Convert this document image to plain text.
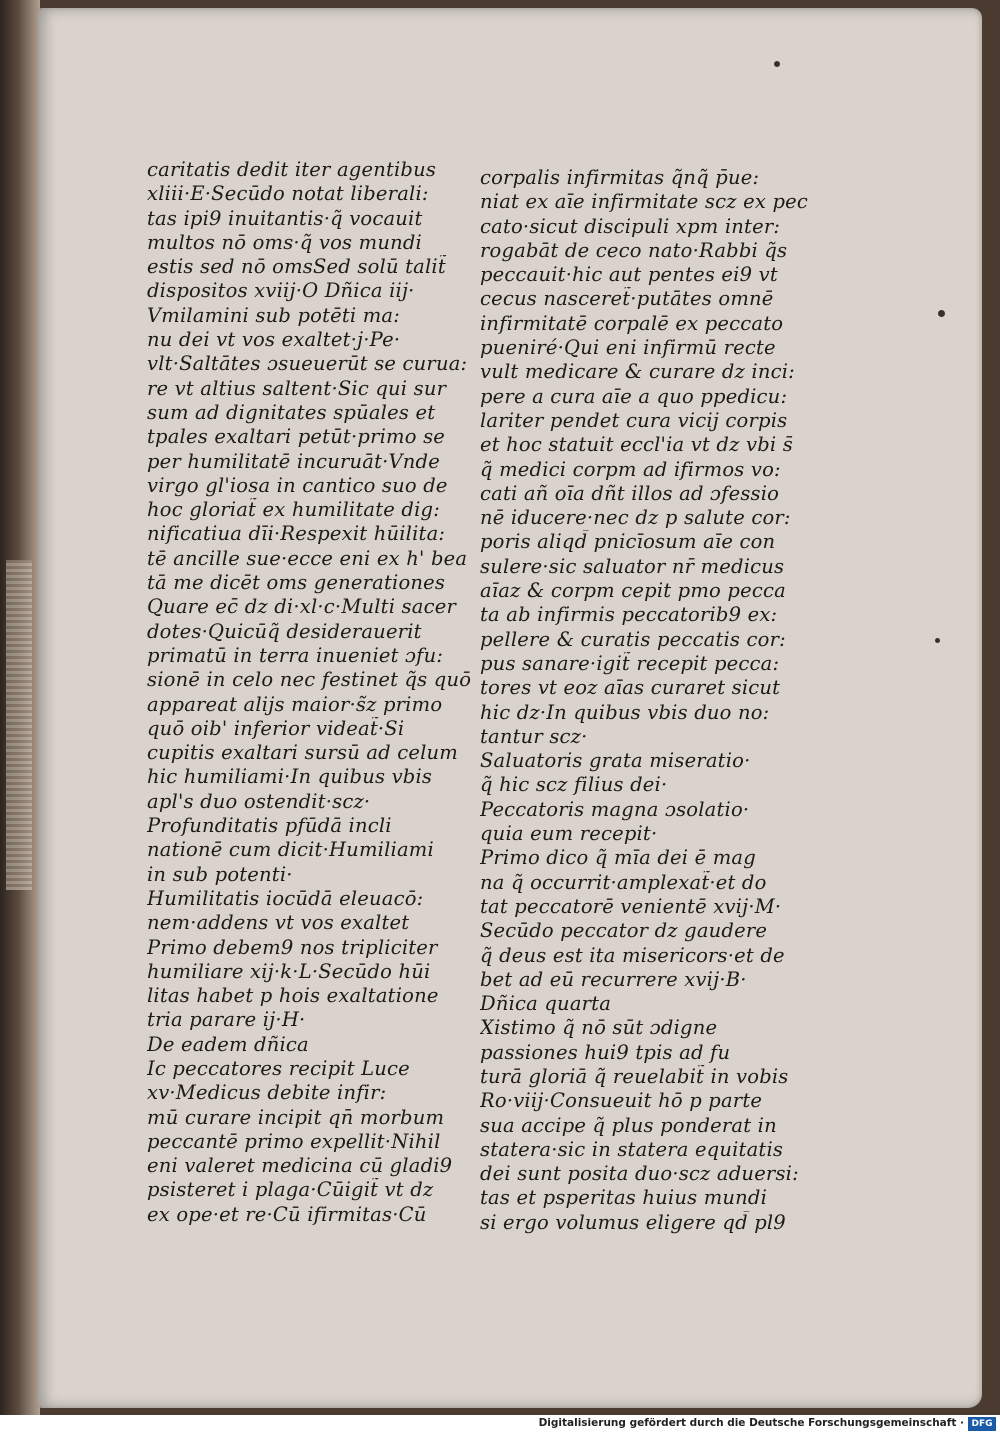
caritatis dedit iter agentibus
xliii·E·Secūdo notat liberali:
tas ipi9 inuitantis·q̃ vocauit
multos nō oms·q̃ vos mundi
estis sed nō omsSed solū talit̃
dispositos xviij·O Dñica iij·
Vmilamini sub potēti ma:
nu dei vt vos exaltet·j·Pe·
vlt·Saltātes ɔsueuerūt se curua:
re vt altius saltent·Sic qui sur
sum ad dignitates spūales et
tpales exaltari petūt·primo se
per humilitatē incuruāt·Vnde
virgo gl'iosa in cantico suo de
hoc gloriat̃ ex humilitate dig:
nificatiua dīi·Respexit hūilita:
tē ancille sue·ecce eni ex h' bea
tā me dicēt oms generationes
Quare ec̄ dz di·xl·c·Multi sacer
dotes·Quicūq̃ desiderauerit
primatū in terra inueniet ɔfu:
sionē in celo nec festinet q̃s quō
appareat alijs maior·s̃z primo
quō oib' inferior videat̃·Si
cupitis exaltari sursū ad celum
hic humiliami·In quibus vbis
apl's duo ostendit·scz·
Profunditatis pfūdā incli
nationē cum dicit·Humiliami
in sub potenti·
Humilitatis iocūdā eleuacō:
nem·addens vt vos exaltet
Primo debem9 nos tripliciter
humiliare xij·k·L·Secūdo hūi
litas habet p hois exaltatione
tria parare ij·H·
De eadem dñica
Ic peccatores recipit Luce
xv·Medicus debite infir:
mū curare incipit qn̄ morbum
peccantē primo expellit·Nihil
eni valeret medicina cū gladi9
psisteret i plaga·Cūigit̃ vt dz
ex ope·et re·Cū ifirmitas·Cū
corpalis infirmitas q̃nq̃ p̄ue:
niat ex aīe infirmitate scz ex pec
cato·sicut discipuli xpm inter:
rogabāt de ceco nato·Rabbi q̃s
peccauit·hic aut pentes ei9 vt
cecus nasceret̃·putātes omnē
infirmitatē corpalē ex peccato
pueniré·Qui eni infirmū recte
vult medicare & curare dz inci:
pere a cura aīe a quo ppedicu:
lariter pendet cura vicij corpis
et hoc statuit eccl'ia vt dz vbi s̄
q̃ medici corpm ad ifirmos vo:
cati añ oīa dñt illos ad ɔfessio
nē iducere·nec dz p salute cor:
poris aliqd̄ pnicīosum aīe con
sulere·sic saluator nr̄ medicus
aīaz & corpm cepit pmo pecca
ta ab infirmis peccatorib9 ex:
pellere & curatis peccatis cor:
pus sanare·igit̃ recepit pecca:
tores vt eoz aīas curaret sicut
hic dz·In quibus vbis duo no:
tantur scz·
Saluatoris grata miseratio·
q̃ hic scz filius dei·
Peccatoris magna ɔsolatio·
quia eum recepit·
Primo dico q̃ mīa dei ē mag
na q̃ occurrit·amplexat̃·et do
tat peccatorē venientē xvij·M·
Secūdo peccator dz gaudere
q̃ deus est ita misericors·et de
bet ad eū recurrere xvij·B·
Dñica quarta
Xistimo q̃ nō sūt ɔdigne
passiones hui9 tpis ad fu
turā gloriā q̃ reuelabit̃ in vobis
Ro·viij·Consueuit hō p parte
sua accipe q̃ plus ponderat in
statera·sic in statera equitatis
dei sunt posita duo·scz aduersi:
tas et psperitas huius mundi
si ergo volumus eligere qd̄ pl9
Digitalisierung gefördert durch die Deutsche Forschungsgemeinschaft · DFG
